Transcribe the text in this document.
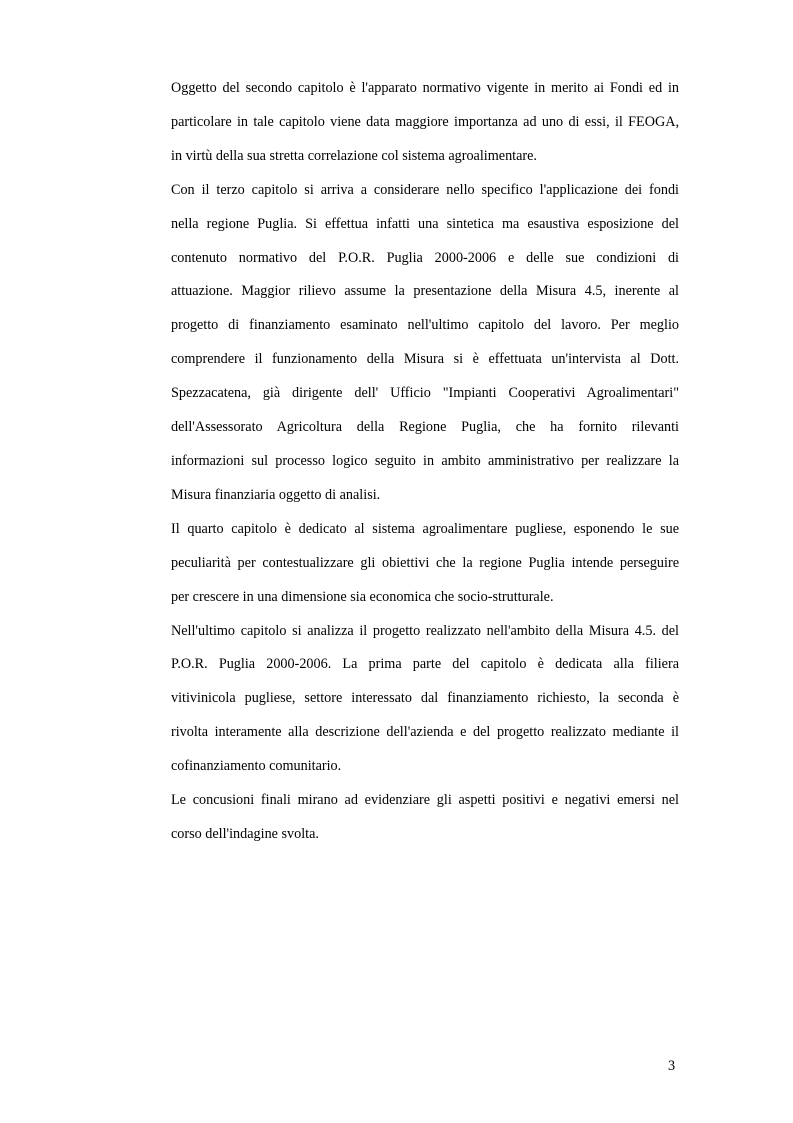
Oggetto del secondo capitolo è l'apparato normativo vigente in merito ai Fondi ed in
particolare in tale capitolo viene data maggiore importanza ad uno di essi, il FEOGA,
in virtù della sua stretta correlazione col sistema agroalimentare.

Con il terzo capitolo si arriva a considerare nello specifico l'applicazione dei fondi
nella regione Puglia. Si effettua infatti una sintetica ma esaustiva esposizione del
contenuto normativo del P.O.R. Puglia 2000-2006 e delle sue condizioni di
attuazione. Maggior rilievo assume la presentazione della Misura 4.5, inerente al
progetto di finanziamento esaminato nell'ultimo capitolo del lavoro. Per meglio
comprendere il funzionamento della Misura si è effettuata un'intervista al Dott.
Spezzacatena, già dirigente dell' Ufficio "Impianti Cooperativi Agroalimentari"
dell'Assessorato Agricoltura della Regione Puglia, che ha fornito rilevanti
informazioni sul processo logico seguito in ambito amministrativo per realizzare la
Misura finanziaria oggetto di analisi.

Il quarto capitolo è dedicato al sistema agroalimentare pugliese, esponendo le sue
peculiarità per contestualizzare gli obiettivi che la regione Puglia intende perseguire
per crescere in una dimensione sia economica che socio-strutturale.

Nell'ultimo capitolo si analizza il progetto realizzato nell'ambito della Misura 4.5. del
P.O.R. Puglia 2000-2006. La prima parte del capitolo è dedicata alla filiera
vitivinicola pugliese, settore interessato dal finanziamento richiesto, la seconda è
rivolta interamente alla descrizione dell'azienda e del progetto realizzato mediante il
cofinanziamento comunitario.

Le concusioni finali mirano ad evidenziare gli aspetti positivi e negativi emersi nel
corso dell'indagine svolta.

3
